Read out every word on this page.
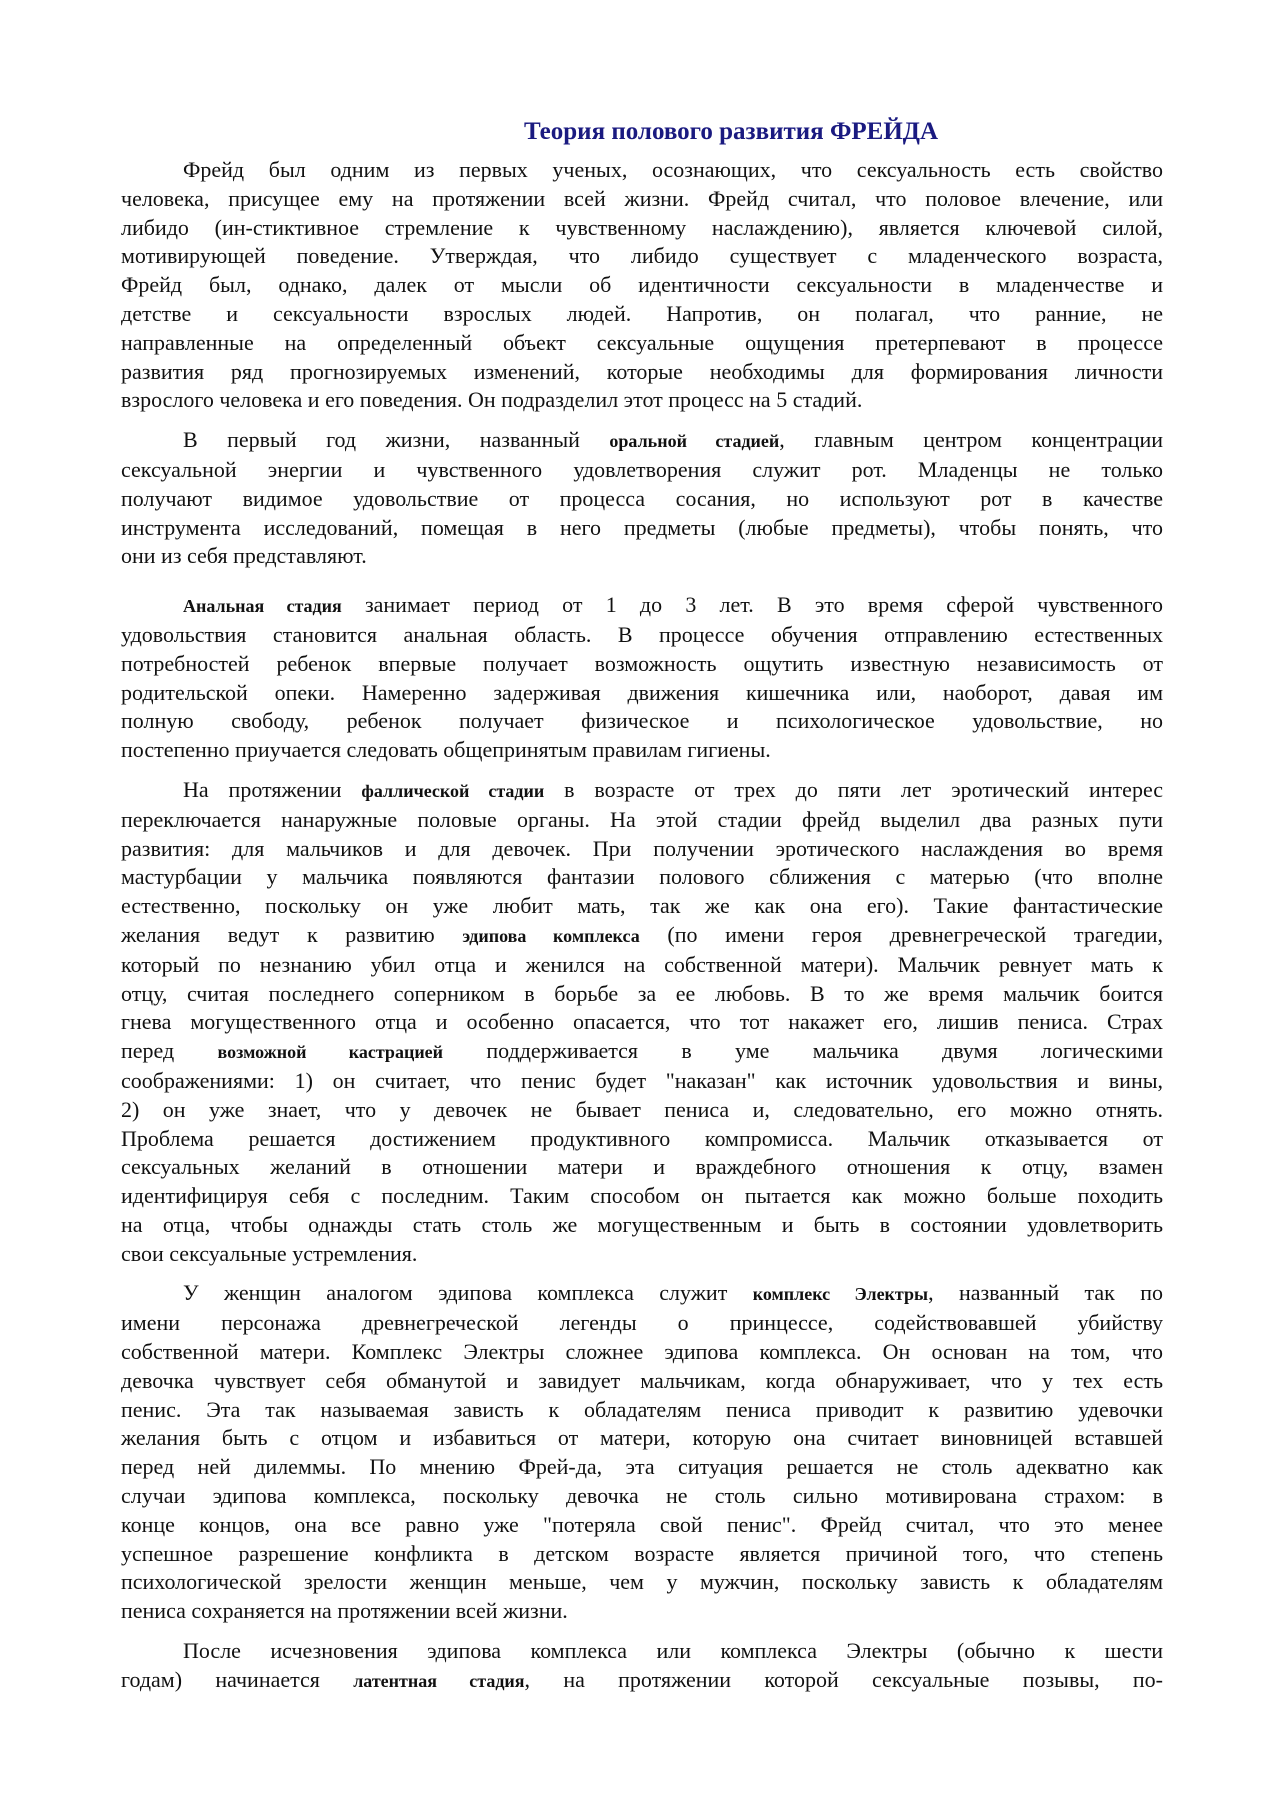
Теория полового развития ФРЕЙДА

Фрейд был одним из первых ученых, осознающих, что сексуальность есть свойство
человека, присущее ему на протяжении всей жизни. Фрейд считал, что половое влечение, или
либидо (ин-стиктивное стремление к чувственному наслаждению), является ключевой силой,
мотивирующей поведение. Утверждая, что либидо существует с младенческого возраста,
Фрейд был, однако, далек от мысли об идентичности сексуальности в младенчестве и
детстве и сексуальности взрослых людей. Напротив, он полагал, что ранние, не
направленные на определенный объект сексуальные ощущения претерпевают в процессе
развития ряд прогнозируемых изменений, которые необходимы для формирования личности
взрослого человека и его поведения. Он подразделил этот процесс на 5 стадий.

В первый год жизни, названный оральной стадией, главным центром концентрации
сексуальной энергии и чувственного удовлетворения служит рот. Младенцы не только
получают видимое удовольствие от процесса сосания, но используют рот в качестве
инструмента исследований, помещая в него предметы (любые предметы), чтобы понять, что
они из себя представляют.

Анальная стадия занимает период от 1 до 3 лет. В это время сферой чувственного
удовольствия становится анальная область. В процессе обучения отправлению естественных
потребностей ребенок впервые получает возможность ощутить известную независимость от
родительской опеки. Намеренно задерживая движения кишечника или, наоборот, давая им
полную свободу, ребенок получает физическое и психологическое удовольствие, но
постепенно приучается следовать общепринятым правилам гигиены.

На протяжении фаллической стадии в возрасте от трех до пяти лет эротический интерес
переключается нанаружные половые органы. На этой стадии фрейд выделил два разных пути
развития: для мальчиков и для девочек. При получении эротического наслаждения во время
мастурбации у мальчика появляются фантазии полового сближения с матерью (что вполне
естественно, поскольку он уже любит мать, так же как она его). Такие фантастические
желания ведут к развитию эдипова комплекса (по имени героя древнегреческой трагедии,
который по незнанию убил отца и женился на собственной матери). Мальчик ревнует мать к
отцу, считая последнего соперником в борьбе за ее любовь. В то же время мальчик боится
гнева могущественного отца и особенно опасается, что тот накажет его, лишив пениса. Страх
перед возможной кастрацией поддерживается в уме мальчика двумя логическими
соображениями: 1) он считает, что пенис будет "наказан" как источник удовольствия и вины,
2) он уже знает, что у девочек не бывает пениса и, следовательно, его можно отнять.
Проблема решается достижением продуктивного компромисса. Мальчик отказывается от
сексуальных желаний в отношении матери и враждебного отношения к отцу, взамен
идентифицируя себя с последним. Таким способом он пытается как можно больше походить
на отца, чтобы однажды стать столь же могущественным и быть в состоянии удовлетворить
свои сексуальные устремления.

У женщин аналогом эдипова комплекса служит комплекс Электры, названный так по
имени персонажа древнегреческой легенды о принцессе, содействовавшей убийству
собственной матери. Комплекс Электры сложнее эдипова комплекса. Он основан на том, что
девочка чувствует себя обманутой и завидует мальчикам, когда обнаруживает, что у тех есть
пенис. Эта так называемая зависть к обладателям пениса приводит к развитию удевочки
желания быть с отцом и избавиться от матери, которую она считает виновницей вставшей
перед ней дилеммы. По мнению Фрей-да, эта ситуация решается не столь адекватно как
случаи эдипова комплекса, поскольку девочка не столь сильно мотивирована страхом: в
конце концов, она все равно уже "потеряла свой пенис". Фрейд считал, что это менее
успешное разрешение конфликта в детском возрасте является причиной того, что степень
психологической зрелости женщин меньше, чем у мужчин, поскольку зависть к обладателям
пениса сохраняется на протяжении всей жизни.

После исчезновения эдипова комплекса или комплекса Электры (обычно к шести
годам) начинается латентная стадия, на протяжении которой сексуальные позывы, по-
